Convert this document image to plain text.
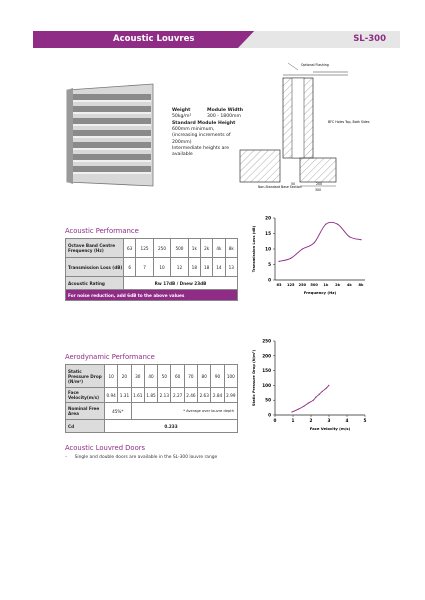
Acoustic Louvres	SL-300
Weight
50kg/m²
Module Width
300 - 1800mm
Standard Module Height
600mm minimum,
(increasing increments of
200mm)
Intermediate heights are
available
Optional Flashing
BFC Holes Top, Both Sides
Non-Standard Base Section
50	200
300
Acoustic Performance
Octave Band Centre Frequency (Hz)	63	125	250	500	1k	2k	4k	8k
Transmission Loss (dB)	6	7	10	12	18	18	14	13
Acoustic Rating	Rw 17dB / Dnew 23dB							
For noise reduction, add 6dB to the above values								
0
5
10
15
20
63 125 250 500 1k 2k 4k 8k
Frequency (Hz)
Transmission Loss (dB)
Aerodynamic Performance
Static Pressure Drop (N/m²)	10	20	30	40	50	60	70	80	90	100
Face Velocity(m/s)	0.94	1.31	1.61	1.85	2.13	2.27	2.46	2.63	2.84	2.99
Nominal Free Area	45%*		* Average over louvre depth							
Cd	0.233									
0
50
100
150
200
250
0	1	2	3	4	5
Face Velocity (m/s)
Static Pressure Drop (N/m²)
Acoustic Louvred Doors
– Single and double doors are available in the SL-300 louvre range
